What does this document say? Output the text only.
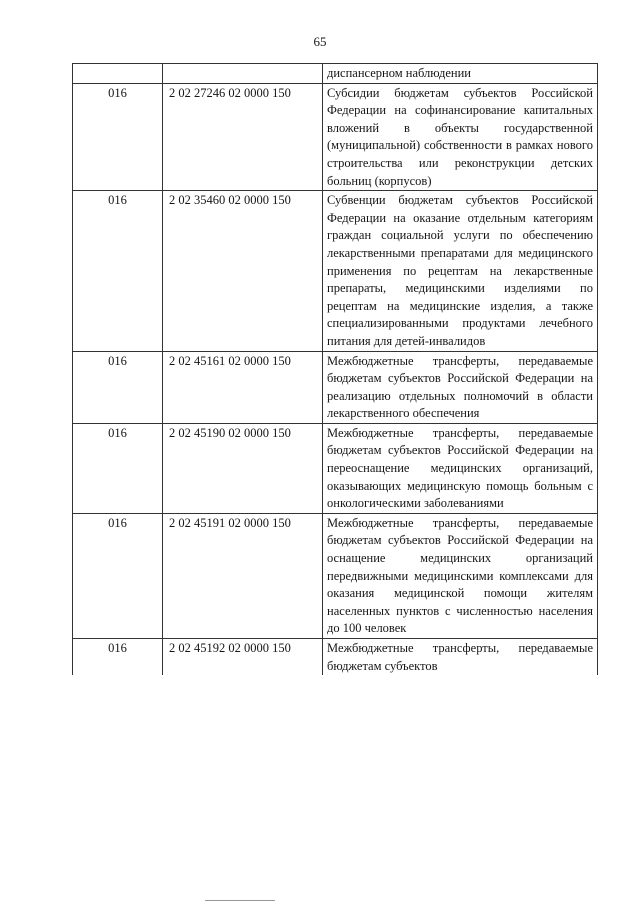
65
		диспансерном наблюдении
016	2 02 27246 02 0000 150	Субсидии бюджетам субъектов Российской Федерации на софинансирование капитальных вложений в объекты государственной (муниципальной) собственности в рамках нового строительства или реконструкции детских больниц (корпусов)
016	2 02 35460 02 0000 150	Субвенции бюджетам субъектов Российской Федерации на оказание отдельным категориям граждан социальной услуги по обеспечению лекарственными препаратами для медицинского применения по рецептам на лекарственные препараты, медицинскими изделиями по рецептам на медицинские изделия, а также специализированными продуктами лечебного питания для детей-инвалидов
016	2 02 45161 02 0000 150	Межбюджетные трансферты, передаваемые бюджетам субъектов Российской Федерации на реализацию отдельных полномочий в области лекарственного обеспечения
016	2 02 45190 02 0000 150	Межбюджетные трансферты, передаваемые бюджетам субъектов Российской Федерации на переоснащение медицинских организаций, оказывающих медицинскую помощь больным с онкологическими заболеваниями
016	2 02 45191 02 0000 150	Межбюджетные трансферты, передаваемые бюджетам субъектов Российской Федерации на оснащение медицинских организаций передвижными медицинскими комплексами для оказания медицинской помощи жителям населенных пунктов с численностью населения до 100 человек
016	2 02 45192 02 0000 150	Межбюджетные трансферты, передаваемые бюджетам субъектов
